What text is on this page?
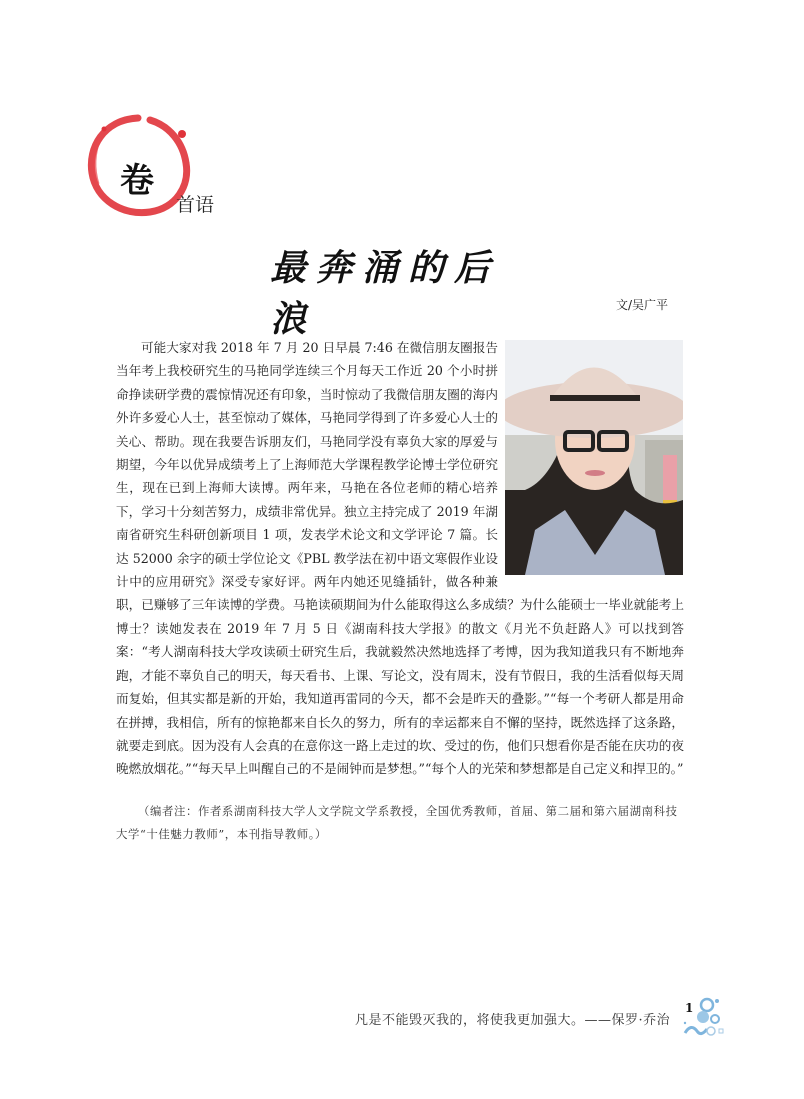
卷
首语
最奔涌的后浪	文/吴广平

可能大家对我 2018 年 7 月 20 日早晨 7:46 在微信朋友圈报告当年考上我校研究生的马艳同学连续三个月每天工作近 20 个小时拼命挣读研学费的震惊情况还有印象，当时惊动了我微信朋友圈的海内外许多爱心人士，甚至惊动了媒体，马艳同学得到了许多爱心人士的关心、帮助。现在我要告诉朋友们，马艳同学没有辜负大家的厚爱与期望，今年以优异成绩考上了上海师范大学课程教学论博士学位研究生，现在已到上海师大读博。两年来，马艳在各位老师的精心培养下，学习十分刻苦努力，成绩非常优异。独立主持完成了 2019 年湖南省研究生科研创新项目 1 项，发表学术论文和文学评论 7 篇。长达 52000 余字的硕士学位论文《PBL 教学法在初中语文寒假作业设计中的应用研究》深受专家好评。两年内她还见缝插针，做各种兼职，已赚够了三年读博的学费。马艳读硕期间为什么能取得这么多成绩？为什么能硕士一毕业就能考上博士？读她发表在 2019 年 7 月 5 日《湖南科技大学报》的散文《月光不负赶路人》可以找到答案：“考人湖南科技大学攻读硕士研究生后，我就毅然决然地选择了考博，因为我知道我只有不断地奔跑，才能不辜负自己的明天，每天看书、上课、写论文，没有周末，没有节假日，我的生活看似每天周而复始，但其实都是新的开始，我知道再雷同的今天，都不会是昨天的叠影。”“每一个考研人都是用命在拼搏，我相信，所有的惊艳都来自长久的努力，所有的幸运都来自不懈的坚持，既然选择了这条路，就要走到底。因为没有人会真的在意你这一路上走过的坎、受过的伤，他们只想看你是否能在庆功的夜晚燃放烟花。”“每天早上叫醒自己的不是闹钟而是梦想。”“每个人的光荣和梦想都是自己定义和捍卫的。”

（编者注：作者系湖南科技大学人文学院文学系教授，全国优秀教师，首届、第二届和第六届湖南科技大学“十佳魅力教师”，本刊指导教师。）
凡是不能毁灭我的，将使我更加强大。——保罗·乔治
1
